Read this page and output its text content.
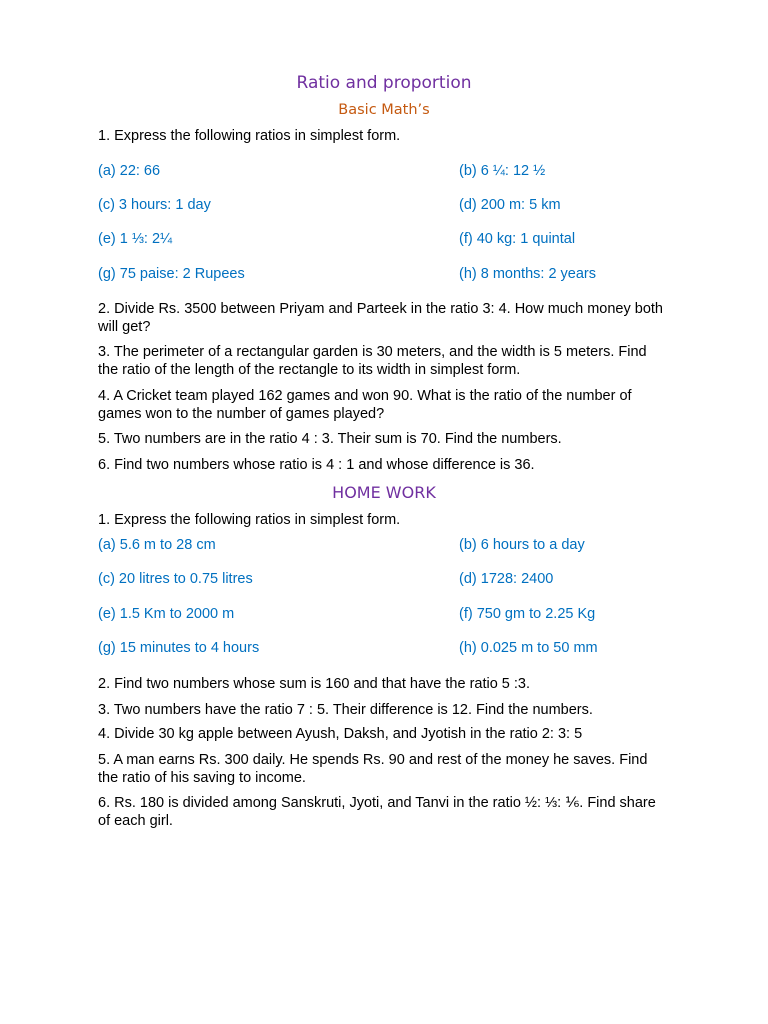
Ratio and proportion
Basic Math’s

1. Express the following ratios in simplest form.

(a) 22: 66	(b) 6 ¼: 12 ½

(c) 3 hours: 1 day	(d) 200 m: 5 km

(e) 1 ⅓: 2¼	(f) 40 kg: 1 quintal

(g) 75 paise: 2 Rupees	(h) 8 months: 2 years

2. Divide Rs. 3500 between Priyam and Parteek in the ratio 3: 4. How much money both will get?

3. The perimeter of a rectangular garden is 30 meters, and the width is 5 meters. Find the ratio of the length of the rectangle to its width in simplest form.

4. A Cricket team played 162 games and won 90. What is the ratio of the number of games won to the number of games played?

5. Two numbers are in the ratio 4 : 3. Their sum is 70. Find the numbers.

6. Find two numbers whose ratio is 4 : 1 and whose difference is 36.

HOME WORK

1. Express the following ratios in simplest form.

(a) 5.6 m to 28 cm	(b) 6 hours to a day

(c) 20 litres to 0.75 litres	(d) 1728: 2400

(e) 1.5 Km to 2000 m	(f) 750 gm to 2.25 Kg

(g) 15 minutes to 4 hours	(h) 0.025 m to 50 mm

2. Find two numbers whose sum is 160 and that have the ratio 5 :3.

3. Two numbers have the ratio 7 : 5. Their difference is 12. Find the numbers.

4. Divide 30 kg apple between Ayush, Daksh, and Jyotish in the ratio 2: 3: 5

5. A man earns Rs. 300 daily. He spends Rs. 90 and rest of the money he saves. Find the ratio of his saving to income.

6. Rs. 180 is divided among Sanskruti, Jyoti, and Tanvi in the ratio ½: ⅓: ⅙. Find share of each girl.
